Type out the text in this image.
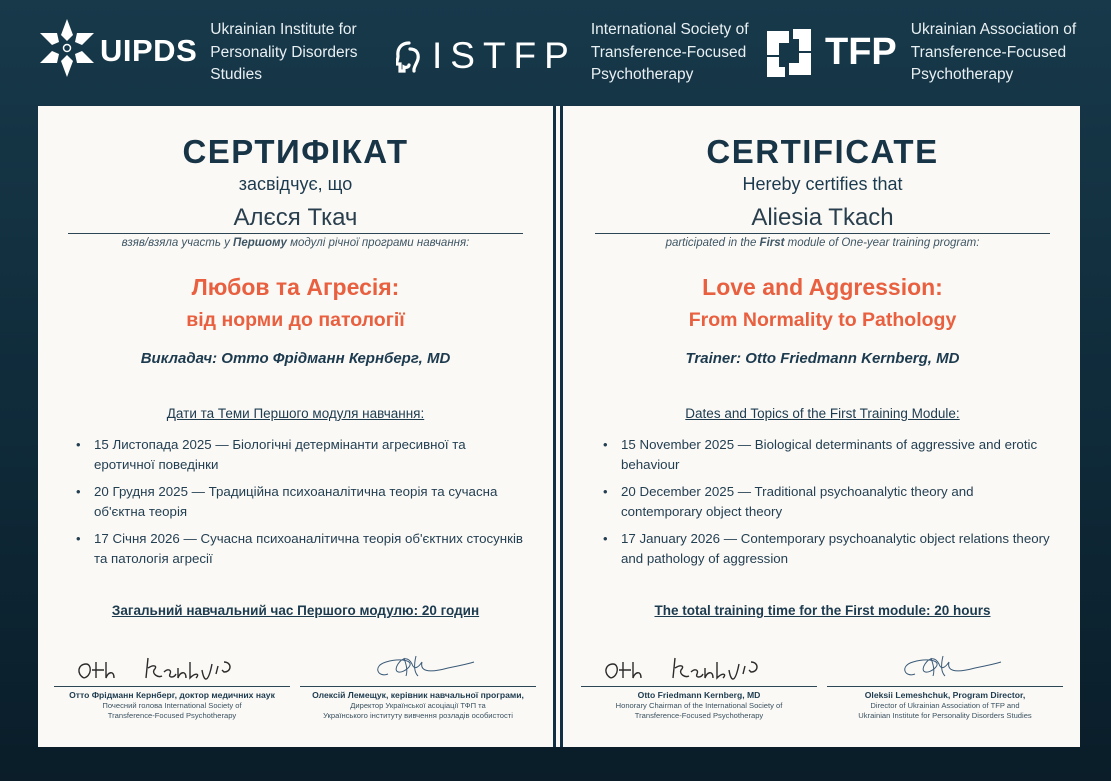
UIPDS
Ukrainian Institute for
Personality Disorders
Studies	ISTFP
International Society of
Transference-Focused
Psychotherapy
TFP
Ukrainian Association of
Transference-Focused
Psychotherapy
СЕРТИФІКАТ
засвідчує, що
Алєся Ткач
взяв/взяла участь у Першому модулі річної програми навчання:
Любов та Агресія:
від норми до патології
Викладач: Отто Фрідманн Кернберг, MD
Дати та Теми Першого модуля навчання:
• 15 Листопада 2025 — Біологічні детермінанти агресивної та еротичної поведінки
• 20 Грудня 2025 — Традиційна психоаналітична теорія та сучасна об'єктна теорія
• 17 Січня 2026 — Сучасна психоаналітична теорія об'єктних стосунків та патологія агресії
Загальний навчальний час Першого модулю: 20 годин
Отто Фрідманн Кернберг, доктор медичних наук
Почесний голова International Society of
Transference-Focused Psychotherapy
Олексій Лемещук, керівник навчальної програми,
Директор Української асоціації ТФП та
Українського інституту вивчення розладів особистості
CERTIFICATE
Hereby certifies that
Aliesia Tkach
participated in the First module of One-year training program:
Love and Aggression:
From Normality to Pathology
Trainer: Otto Friedmann Kernberg, MD
Dates and Topics of the First Training Module:
• 15 November 2025 — Biological determinants of aggressive and erotic behaviour
• 20 December 2025 — Traditional psychoanalytic theory and contemporary object theory
• 17 January 2026 — Contemporary psychoanalytic object relations theory and pathology of aggression
The total training time for the First module: 20 hours
Otto Friedmann Kernberg, MD
Honorary Chairman of the International Society of
Transference-Focused Psychotherapy
Oleksii Lemeshchuk, Program Director,
Director of Ukrainian Association of TFP and
Ukrainian Institute for Personality Disorders Studies
